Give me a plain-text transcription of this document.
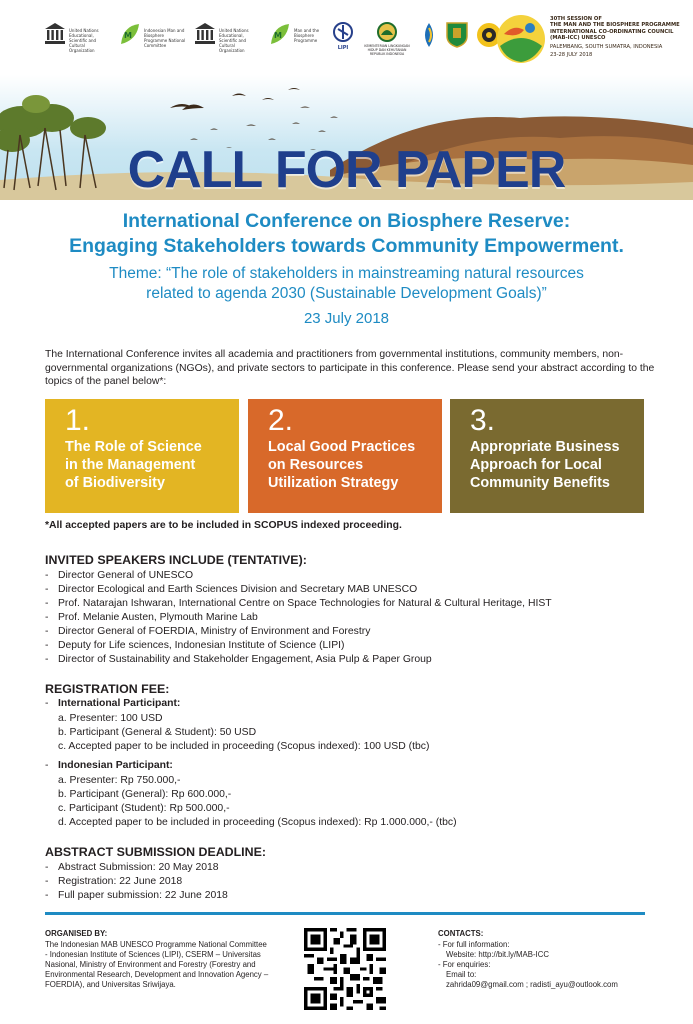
United Nations Educational, Scientific and Cultural Organization
M
Indonesian Man and Biosphere Programme National Committee
United Nations Educational, Scientific and Cultural Organization
M
Man and the Biosphere Programme
LIPI	KEMENTERIAN LINGKUNGAN HIDUP DAN KEHUTANAN REPUBLIK INDONESIA
30TH SESSION OF
THE MAN AND THE BIOSPHERE PROGRAMME
INTERNATIONAL CO-ORDINATING COUNCIL
(MAB-ICC) UNESCO
PALEMBANG, SOUTH SUMATRA, INDONESIA
23-28 JULY 2018
CALL FOR PAPER
International Conference on Biosphere Reserve:
Engaging Stakeholders towards Community Empowerment.
Theme: “The role of stakeholders in mainstreaming natural resources
related to agenda 2030 (Sustainable Development Goals)”
23 July 2018

The International Conference invites all academia and practitioners from governmental institutions, community members, non-governmental organizations (NGOs), and private sectors to participate in this conference. Please send your abstract according to the topics of the panel below*:

1.
The Role of Science
in the Management
of Biodiversity
2.
Local Good Practices
on Resources
Utilization Strategy
3.
Appropriate Business
Approach for Local
Community Benefits
*All accepted papers are to be included in SCOPUS indexed proceeding.
INVITED SPEAKERS INCLUDE (TENTATIVE):
- Director General of UNESCO
- Director Ecological and Earth Sciences Division and Secretary MAB UNESCO
- Prof. Natarajan Ishwaran, International Centre on Space Technologies for Natural & Cultural Heritage, HIST
- Prof. Melanie Austen, Plymouth Marine Lab
- Director General of FOERDIA, Ministry of Environment and Forestry
- Deputy for Life sciences, Indonesian Institute of Science (LIPI)
- Director of Sustainability and Stakeholder Engagement, Asia Pulp & Paper Group
REGISTRATION FEE:
- International Participant:
a. Presenter: 100 USD
b. Participant (General & Student): 50 USD
c. Accepted paper to be included in proceeding (Scopus indexed): 100 USD (tbc)
- Indonesian Participant:
a. Presenter: Rp 750.000,-
b. Participant (General): Rp 600.000,-
c. Participant (Student): Rp 500.000,-
d. Accepted paper to be included in proceeding (Scopus indexed): Rp 1.000.000,- (tbc)
ABSTRACT SUBMISSION DEADLINE:
- Abstract Submission: 20 May 2018
- Registration: 22 June 2018
- Full paper submission: 22 June 2018
ORGANISED BY:
The Indonesian MAB UNESCO Programme National Committee - Indonesian Institute of Sciences (LIPI), CSERM – Universitas Nasional, Ministry of Environment and Forestry (Forestry and Environmental Research, Development and Innovation Agency – FOERDIA), and Universitas Sriwijaya.
CONTACTS:
- For full information:
Website: http://bit.ly/MAB-ICC
- For enquiries:
Email to:
zahrida09@gmail.com ; radisti_ayu@outlook.com
